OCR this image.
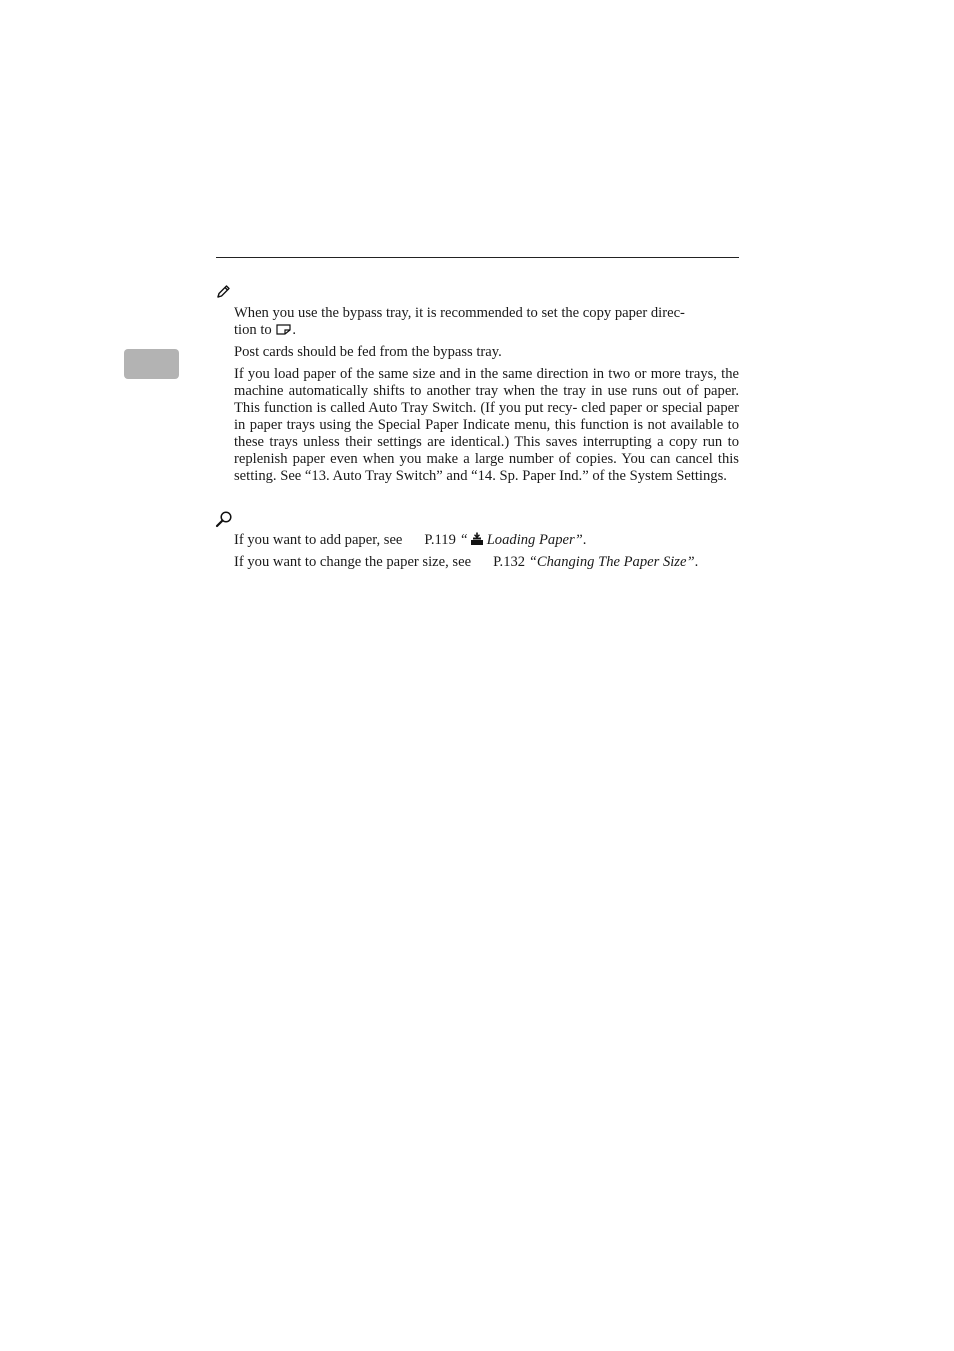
When you use the bypass tray, it is recommended to set the copy paper direc-
tion to .

Post cards should be fed from the bypass tray.

If you load paper of the same size and in the same direction in two or more trays, the machine automatically shifts to another tray when the tray in use runs out of paper. This function is called Auto Tray Switch. (If you put recy- cled paper or special paper in paper trays using the Special Paper Indicate menu, this function is not available to these trays unless their settings are identical.) This saves interrupting a copy run to replenish paper even when you make a large number of copies. You can cancel this setting. See “13. Auto Tray Switch” and “14. Sp. Paper Ind.” of the System Settings.

If you want to add paper, see P.119 “ Loading Paper”.

If you want to change the paper size, see P.132 “Changing The Paper Size”.
